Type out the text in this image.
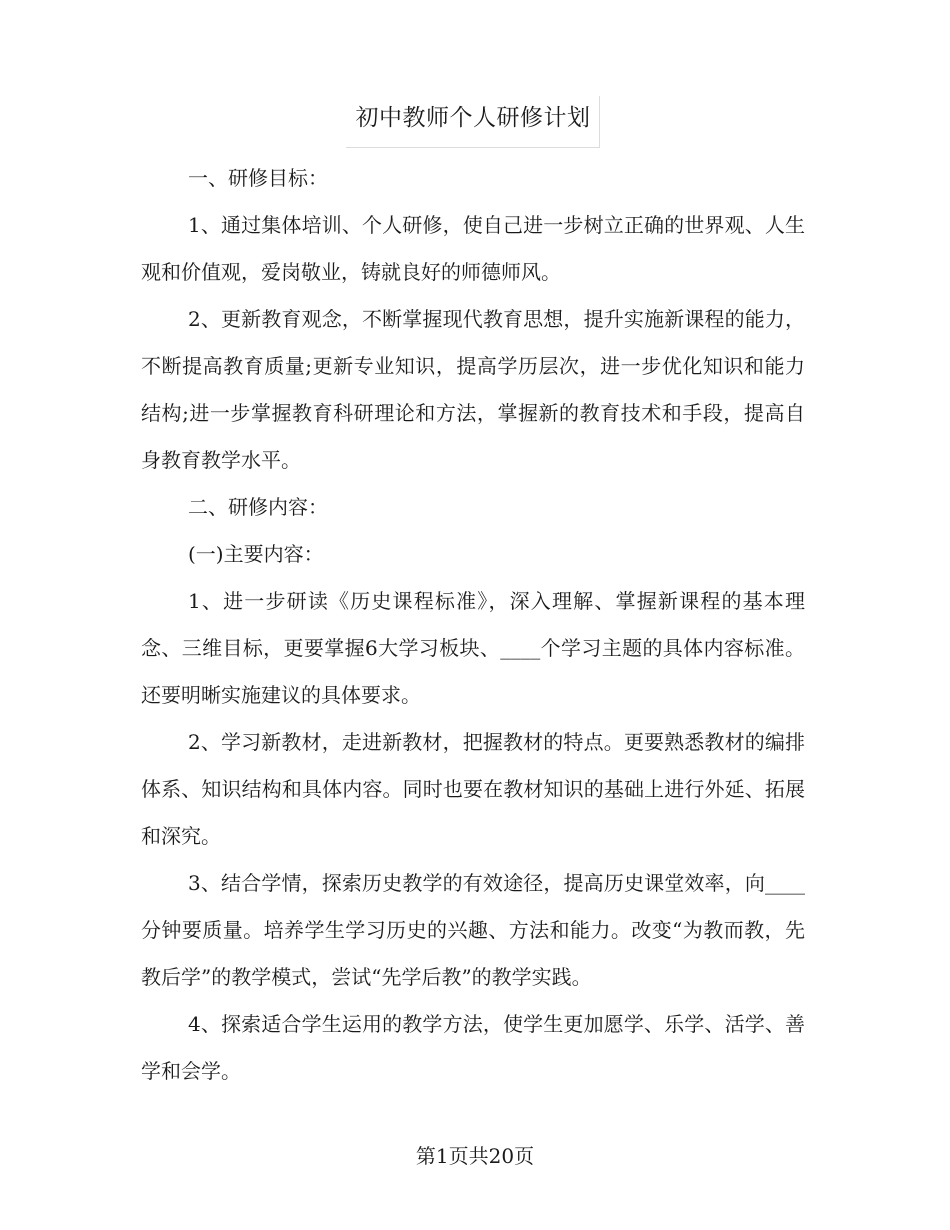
初中教师个人研修计划

一、研修目标：

1、通过集体培训、个人研修，使自己进一步树立正确的世界观、人生观和价值观，爱岗敬业，铸就良好的师德师风。

2、更新教育观念，不断掌握现代教育思想，提升实施新课程的能力，不断提高教育质量;更新专业知识，提高学历层次，进一步优化知识和能力结构;进一步掌握教育科研理论和方法，掌握新的教育技术和手段，提高自身教育教学水平。

二、研修内容：

(一)主要内容：

1、进一步研读《历史课程标准》，深入理解、掌握新课程的基本理念、三维目标，更要掌握6大学习板块、____个学习主题的具体内容标准。还要明晰实施建议的具体要求。

2、学习新教材，走进新教材，把握教材的特点。更要熟悉教材的编排体系、知识结构和具体内容。同时也要在教材知识的基础上进行外延、拓展和深究。

3、结合学情，探索历史教学的有效途径，提高历史课堂效率，向____分钟要质量。培养学生学习历史的兴趣、方法和能力。改变“为教而教，先教后学”的教学模式，尝试“先学后教”的教学实践。

4、探索适合学生运用的教学方法，使学生更加愿学、乐学、活学、善学和会学。

第1页共20页
